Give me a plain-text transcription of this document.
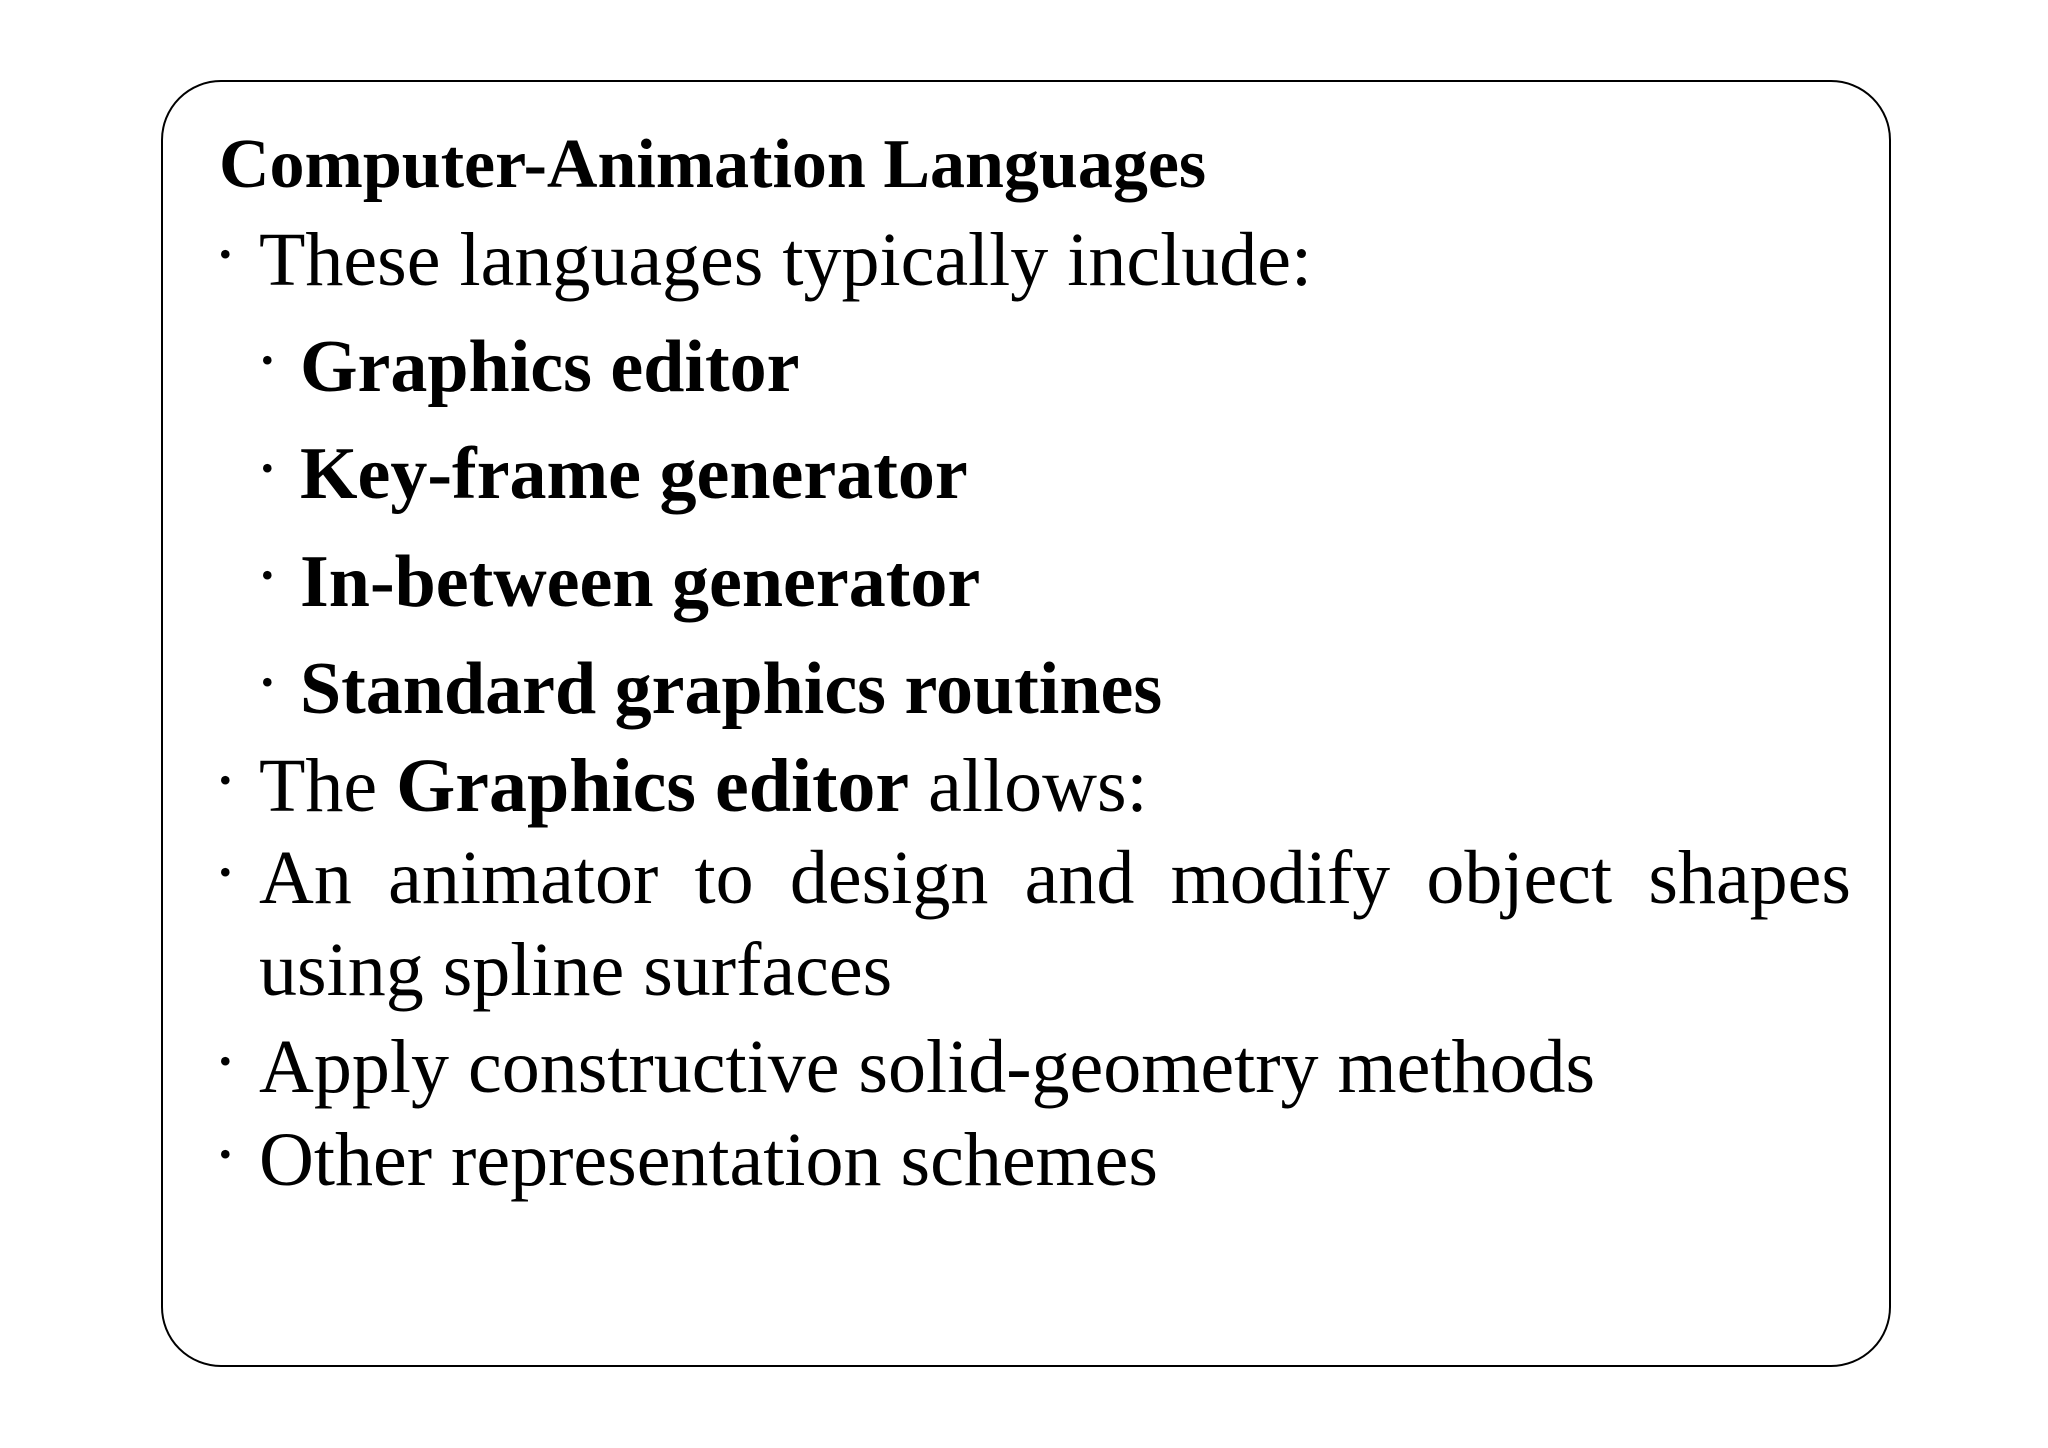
Computer-Animation Languages
• These languages typically include:
• Graphics editor
• Key-frame generator
• In-between generator
• Standard graphics routines
• The Graphics editor allows:
• An animator to design and modify object shapes
using spline surfaces
• Apply constructive solid-geometry methods
• Other representation schemes
